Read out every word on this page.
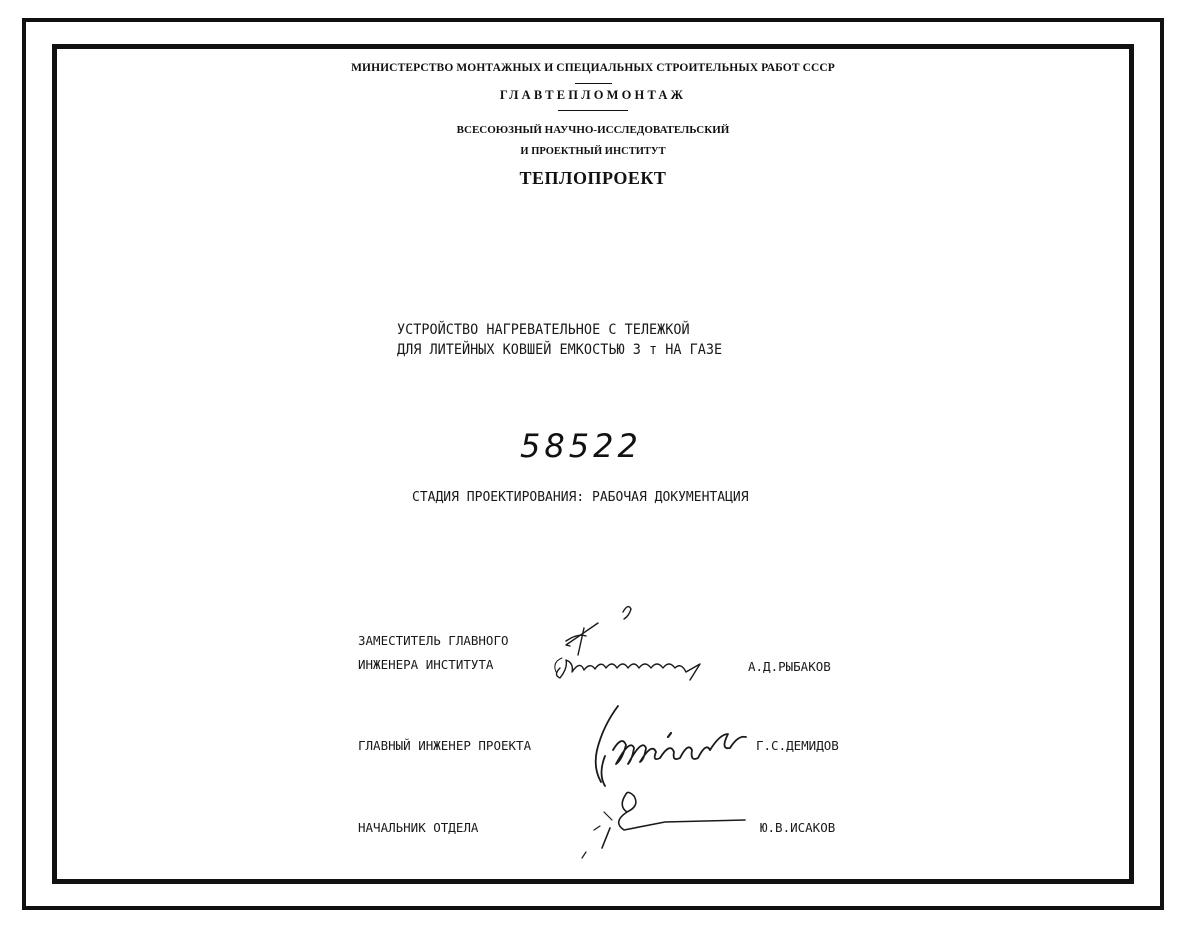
МИНИСТЕРСТВО МОНТАЖНЫХ И СПЕЦИАЛЬНЫХ СТРОИТЕЛЬНЫХ РАБОТ СССР
ГЛАВТЕПЛОМОНТАЖ
ВСЕСОЮЗНЫЙ НАУЧНО-ИССЛЕДОВАТЕЛЬСКИЙ
И ПРОЕКТНЫЙ ИНСТИТУТ
ТЕПЛОПРОЕКТ
УСТРОЙСТВО НАГРЕВАТЕЛЬНОЕ С ТЕЛЕЖКОЙ
ДЛЯ ЛИТЕЙНЫХ КОВШЕЙ ЕМКОСТЬЮ 3 т НА ГАЗЕ
58522
СТАДИЯ ПРОЕКТИРОВАНИЯ: РАБОЧАЯ ДОКУМЕНТАЦИЯ
ЗАМЕСТИТЕЛЬ ГЛАВНОГО
ИНЖЕНЕРА ИНСТИТУТА	А.Д.РЫБАКОВ
ГЛАВНЫЙ ИНЖЕНЕР ПРОЕКТА	Г.С.ДЕМИДОВ
НАЧАЛЬНИК ОТДЕЛА	Ю.В.ИСАКОВ
